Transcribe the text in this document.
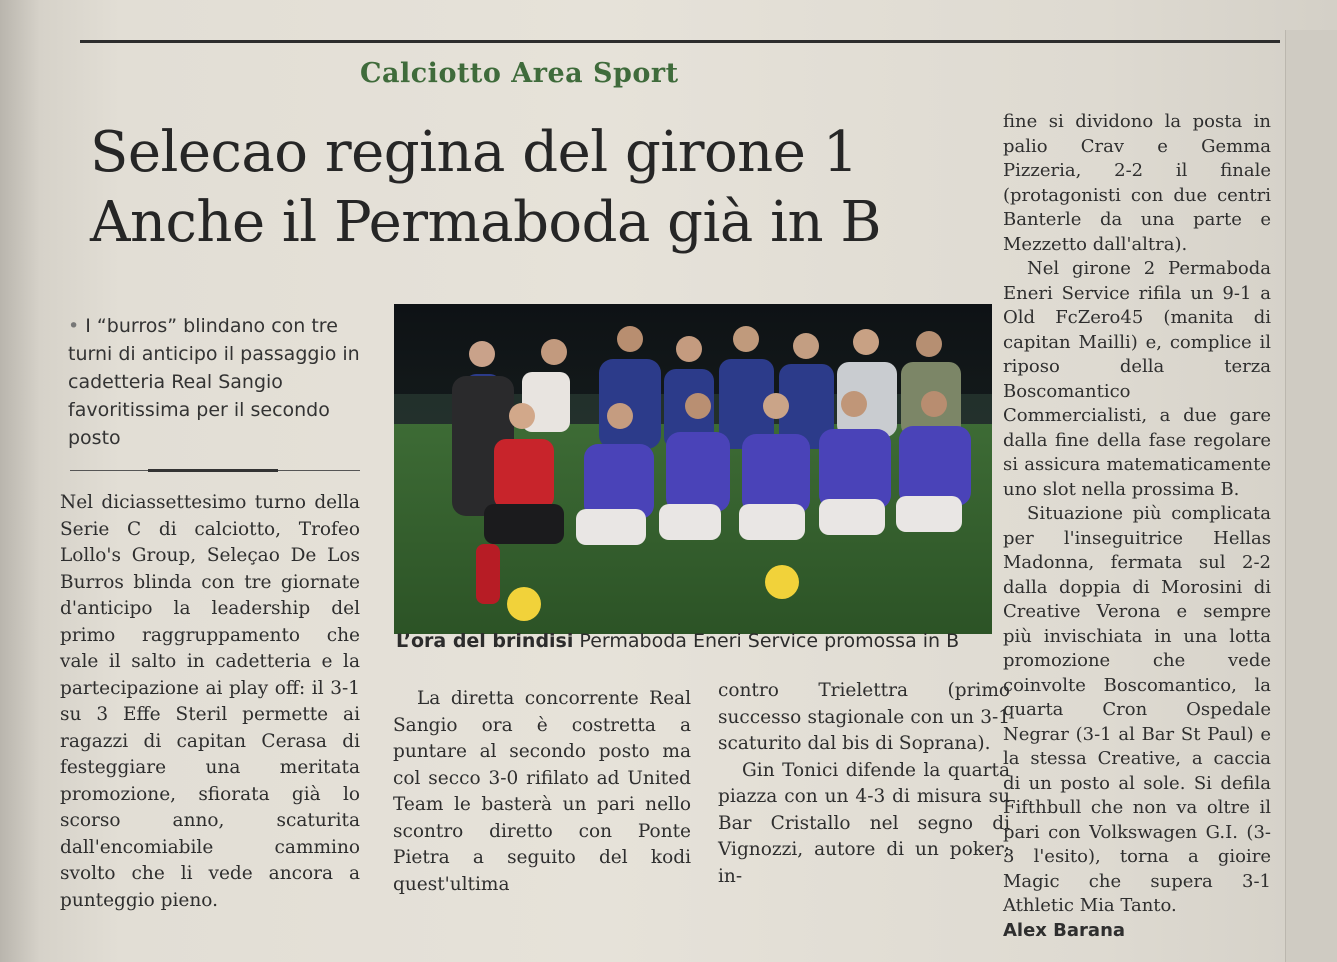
Calciotto Area Sport
Selecao regina del girone 1
Anche il Permaboda già in B
• I “burros” blindano con tre turni di anticipo il passaggio in cadetteria Real Sangio favoritissima per il secondo posto

Nel diciassettesimo turno della Serie C di calciotto, Trofeo Lollo's Group, Seleçao De Los Burros blinda con tre giornate d'anticipo la leadership del primo raggruppamento che vale il salto in cadetteria e la partecipazione ai play off: il 3-1 su 3 Effe Steril permette ai ragazzi di capitan Cerasa di festeggiare una meritata promozione, sfiorata già lo scorso anno, scaturita dall'encomiabile cammino svolto che li vede ancora a punteggio pieno.

L’ora del brindisi Permaboda Eneri Service promossa in B

La diretta concorrente Real Sangio ora è costretta a puntare al secondo posto ma col secco 3-0 rifilato ad United Team le basterà un pari nello scontro diretto con Ponte Pietra a seguito del kodi quest'ultima

contro Trielettra (primo successo stagionale con un 3-1 scaturito dal bis di Soprana).

Gin Tonici difende la quarta piazza con un 4-3 di misura su Bar Cristallo nel segno di Vignozzi, autore di un poker; in-

fine si dividono la posta in palio Crav e Gemma Pizzeria, 2-2 il finale (protagonisti con due centri Banterle da una parte e Mezzetto dall'altra).

Nel girone 2 Permaboda Eneri Service rifila un 9-1 a Old FcZero45 (manita di capitan Mailli) e, complice il riposo della terza Boscomantico Commercialisti, a due gare dalla fine della fase regolare si assicura matematicamente uno slot nella prossima B.

Situazione più complicata per l'inseguitrice Hellas Madonna, fermata sul 2-2 dalla doppia di Morosini di Creative Verona e sempre più invischiata in una lotta promozione che vede coinvolte Boscomantico, la quarta Cron Ospedale Negrar (3-1 al Bar St Paul) e la stessa Creative, a caccia di un posto al sole. Si defila Fifthbull che non va oltre il pari con Volkswagen G.I. (3-3 l'esito), torna a gioire Magic che supera 3-1 Athletic Mia Tanto.

Alex Barana
